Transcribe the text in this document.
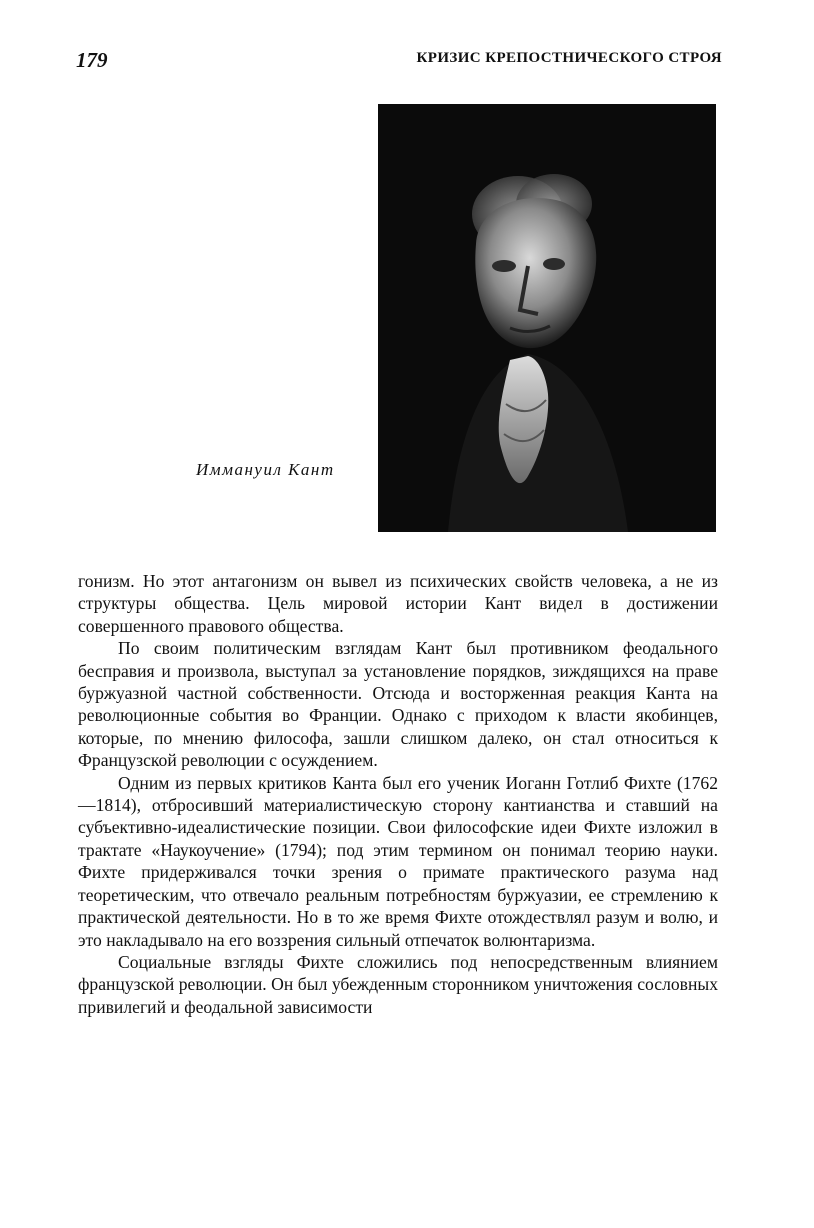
179	КРИЗИС КРЕПОСТНИЧЕСКОГО СТРОЯ
Иммануил Кант

гонизм. Но этот антагонизм он вывел из психических свойств человека, а не из структуры общества. Цель мировой истории Кант видел в достижении совершенного правового общества.

По своим политическим взглядам Кант был противником феодального бесправия и произвола, выступал за установление порядков, зиждящихся на праве буржуазной частной собственности. Отсюда и восторженная реакция Канта на революционные события во Франции. Однако с приходом к власти якобинцев, которые, по мнению философа, зашли слишком далеко, он стал относиться к Французской революции с осуждением.

Одним из первых критиков Канта был его ученик Иоганн Готлиб Фихте (1762—1814), отбросивший материалистическую сторону кантианства и ставший на субъективно-идеалистические позиции. Свои философские идеи Фихте изложил в трактате «Наукоучение» (1794); под этим термином он понимал теорию науки. Фихте придерживался точки зрения о примате практического разума над теоретическим, что отвечало реальным потребностям буржуазии, ее стремлению к практической деятельности. Но в то же время Фихте отождествлял разум и волю, и это накладывало на его воззрения сильный отпечаток волюнтаризма.

Социальные взгляды Фихте сложились под непосредственным влиянием французской революции. Он был убежденным сторонником уничтожения сословных привилегий и феодальной зависимости
